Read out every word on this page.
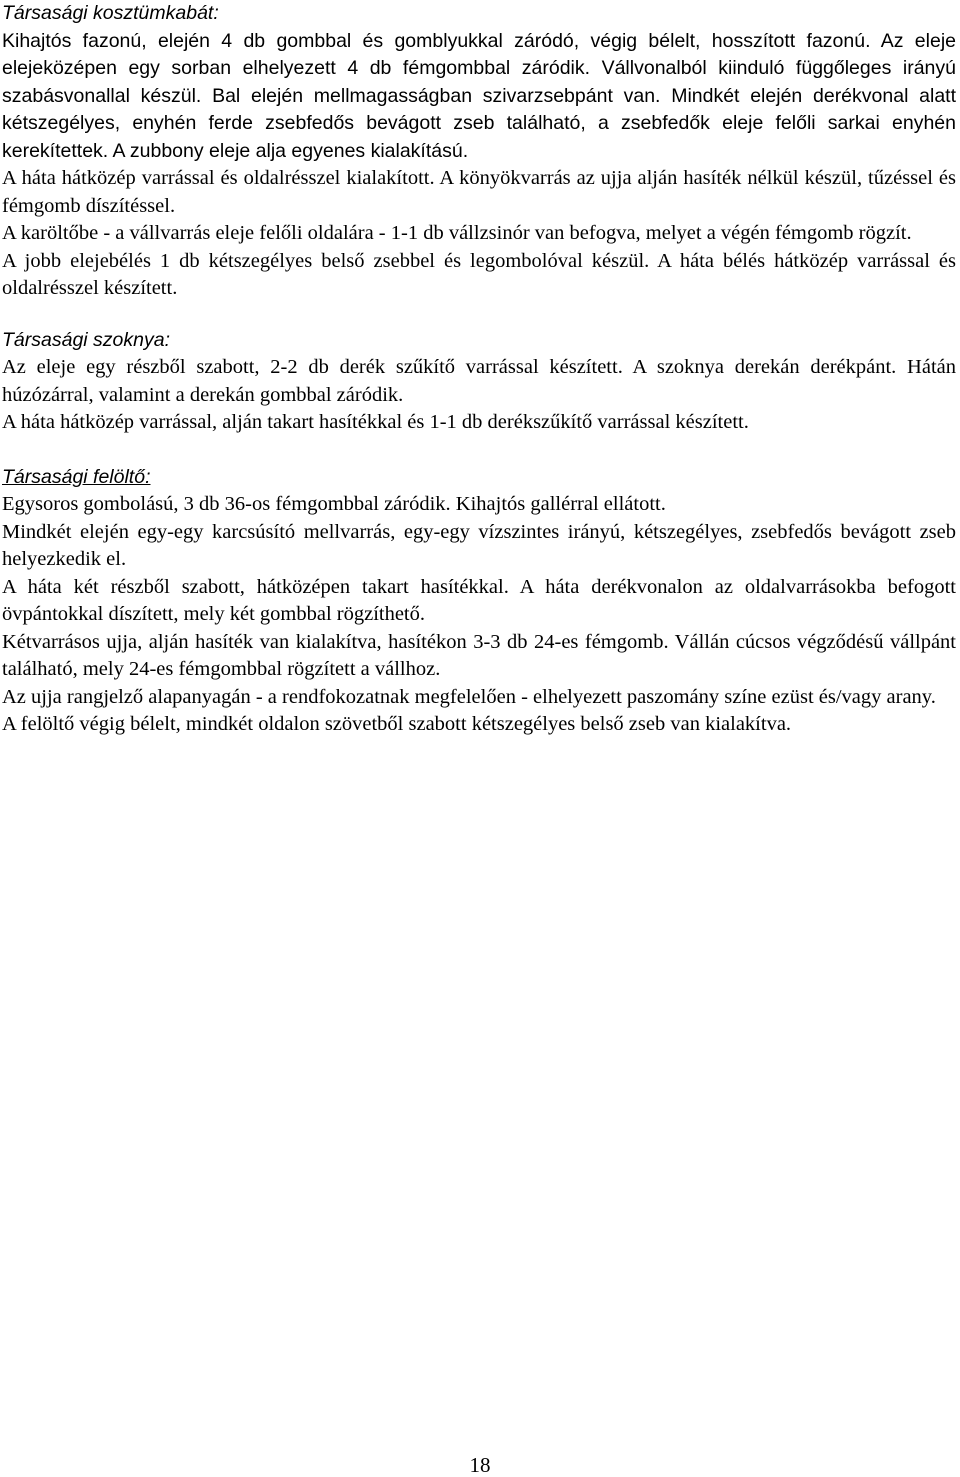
Társasági kosztümkabát:

Kihajtós fazonú, elején 4 db gombbal és gomblyukkal záródó, végig bélelt, hosszított fazonú. Az eleje elejeközépen egy sorban elhelyezett 4 db fémgombbal záródik. Vállvonalból kiinduló függőleges irányú szabásvonallal készül. Bal elején mellmagasságban szivarzsebpánt van. Mindkét elején derékvonal alatt kétszegélyes, enyhén ferde zsebfedős bevágott zseb található, a zsebfedők eleje felőli sarkai enyhén kerekítettek. A zubbony eleje alja egyenes kialakítású.

A háta hátközép varrással és oldalrésszel kialakított. A könyökvarrás az ujja alján hasíték nélkül készül, tűzéssel és fémgomb díszítéssel.

A karöltőbe - a vállvarrás eleje felőli oldalára - 1-1 db vállzsinór van befogva, melyet a végén fémgomb rögzít.

A jobb elejebélés 1 db kétszegélyes belső zsebbel és legombolóval készül. A háta bélés hátközép varrással és oldalrésszel készített.

Társasági szoknya:

Az eleje egy részből szabott, 2-2 db derék szűkítő varrással készített. A szoknya derekán derékpánt. Hátán húzózárral, valamint a derekán gombbal záródik.

A háta hátközép varrással, alján takart hasítékkal és 1-1 db derékszűkítő varrással készített.

Társasági felöltő:

Egysoros gombolású, 3 db 36-os fémgombbal záródik. Kihajtós gallérral ellátott.

Mindkét elején egy-egy karcsúsító mellvarrás, egy-egy vízszintes irányú, kétszegélyes, zsebfedős bevágott zseb helyezkedik el.

A háta két részből szabott, hátközépen takart hasítékkal. A háta derékvonalon az oldalvarrásokba befogott övpántokkal díszített, mely két gombbal rögzíthető.

Kétvarrásos ujja, alján hasíték van kialakítva, hasítékon 3-3 db 24-es fémgomb. Vállán cúcsos végződésű vállpánt található, mely 24-es fémgombbal rögzített a vállhoz.

Az ujja rangjelző alapanyagán - a rendfokozatnak megfelelően - elhelyezett paszomány színe ezüst és/vagy arany.

A felöltő végig bélelt, mindkét oldalon szövetből szabott kétszegélyes belső zseb van kialakítva.

18
